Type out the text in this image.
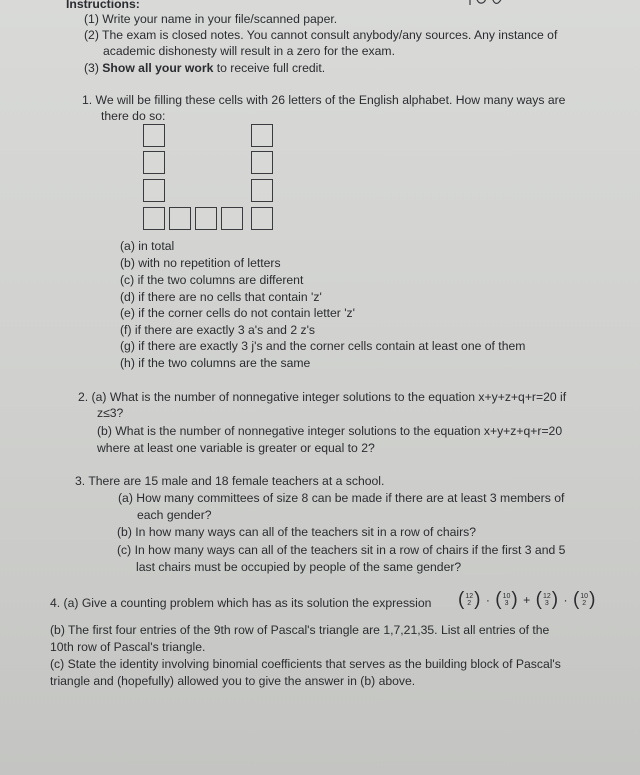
Instructions:
(1) Write your name in your file/scanned paper.
(2) The exam is closed notes. You cannot consult anybody/any sources. Any instance of
academic dishonesty will result in a zero for the exam.
(3) Show all your work to receive full credit.
1. We will be filling these cells with 26 letters of the English alphabet. How many ways are
there do so:
(a) in total
(b) with no repetition of letters
(c) if the two columns are different
(d) if there are no cells that contain 'z'
(e) if the corner cells do not contain letter 'z'
(f) if there are exactly 3 a's and 2 z's
(g) if there are exactly 3 j's and the corner cells contain at least one of them
(h) if the two columns are the same
2. (a) What is the number of nonnegative integer solutions to the equation x+y+z+q+r=20 if
z≤3?
(b) What is the number of nonnegative integer solutions to the equation x+y+z+q+r=20
where at least one variable is greater or equal to 2?
3. There are 15 male and 18 female teachers at a school.
(a) How many committees of size 8 can be made if there are at least 3 members of
each gender?
(b) In how many ways can all of the teachers sit in a row of chairs?
(c) In how many ways can all of the teachers sit in a row of chairs if the first 3 and 5
last chairs must be occupied by people of the same gender?
4. (a) Give a counting problem which has as its solution the expression (12
2 ) · (10
3 ) + (12
3 ) · (10
2 )
(b) The first four entries of the 9th row of Pascal's triangle are 1,7,21,35. List all entries of the
10th row of Pascal's triangle.
(c) State the identity involving binomial coefficients that serves as the building block of Pascal's
triangle and (hopefully) allowed you to give the answer in (b) above.
